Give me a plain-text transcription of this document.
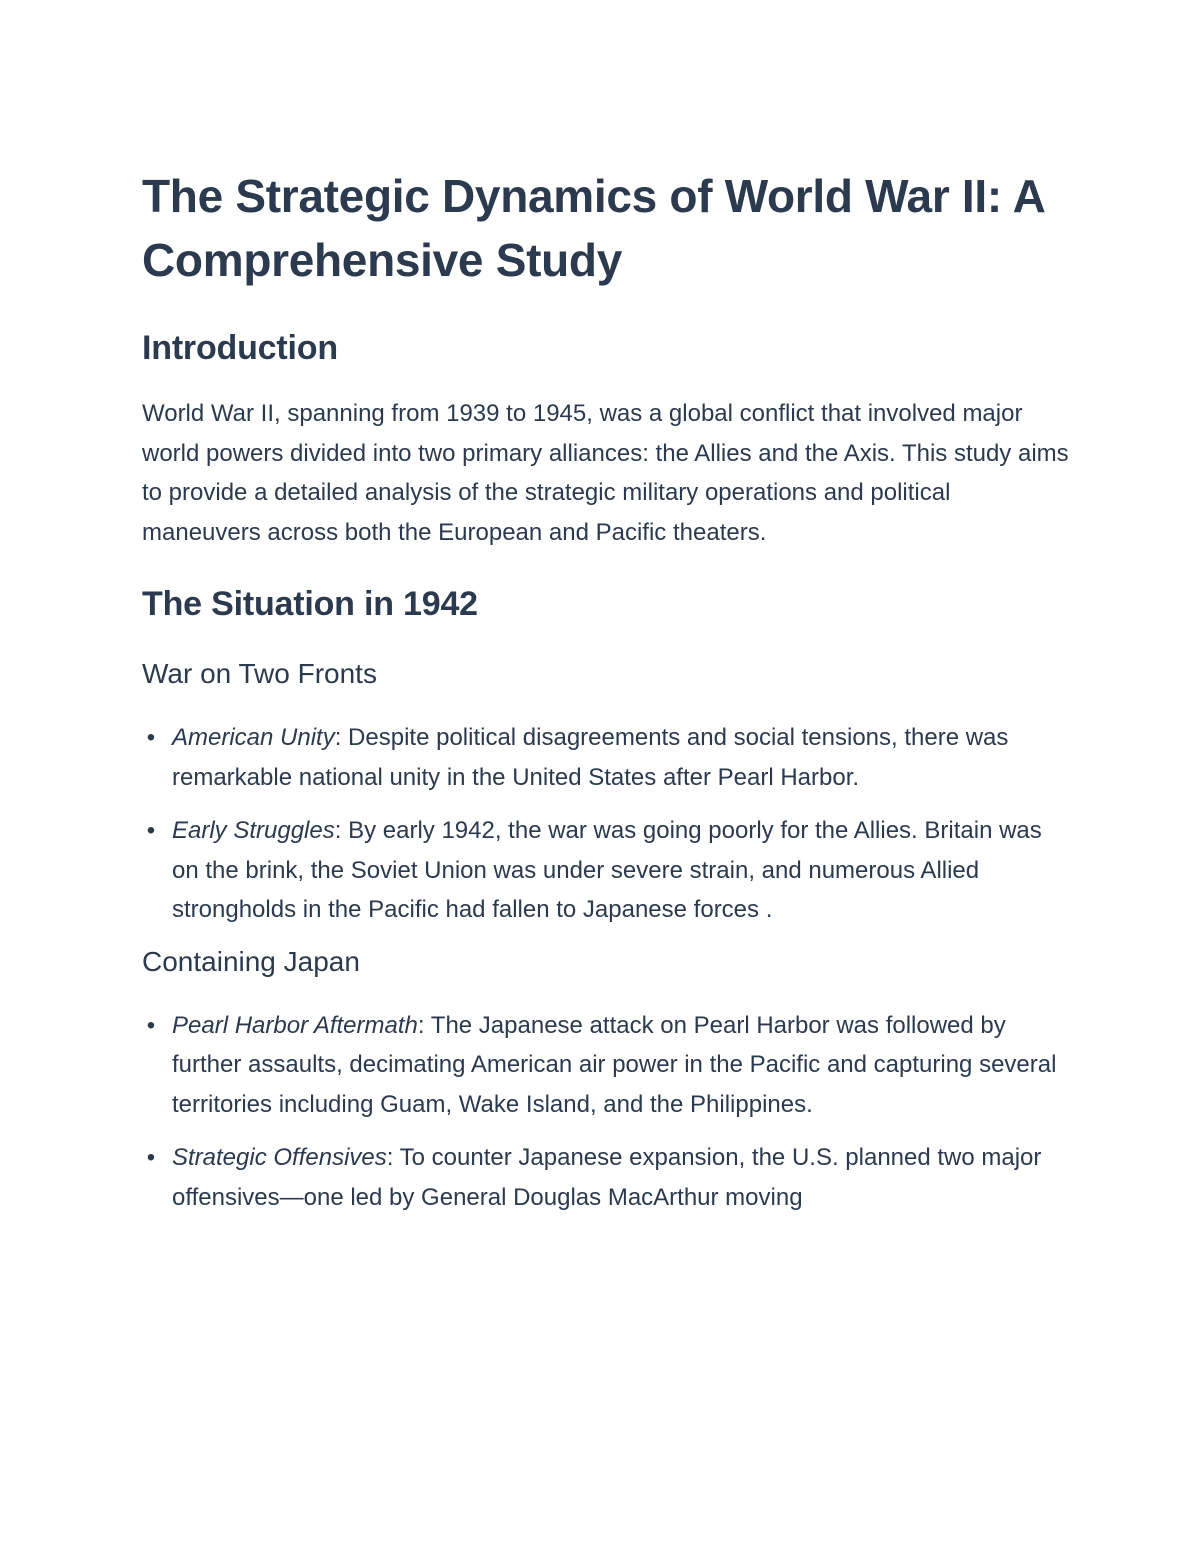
The Strategic Dynamics of World War II: A Comprehensive Study
Introduction

World War II, spanning from 1939 to 1945, was a global conflict that involved major world powers divided into two primary alliances: the Allies and the Axis. This study aims to provide a detailed analysis of the strategic military operations and political maneuvers across both the European and Pacific theaters.

The Situation in 1942
War on Two Fronts
• American Unity: Despite political disagreements and social tensions, there was remarkable national unity in the United States after Pearl Harbor.
• Early Struggles: By early 1942, the war was going poorly for the Allies. Britain was on the brink, the Soviet Union was under severe strain, and numerous Allied strongholds in the Pacific had fallen to Japanese forces .
Containing Japan
• Pearl Harbor Aftermath: The Japanese attack on Pearl Harbor was followed by further assaults, decimating American air power in the Pacific and capturing several territories including Guam, Wake Island, and the Philippines.
• Strategic Offensives: To counter Japanese expansion, the U.S. planned two major offensives—one led by General Douglas MacArthur moving
